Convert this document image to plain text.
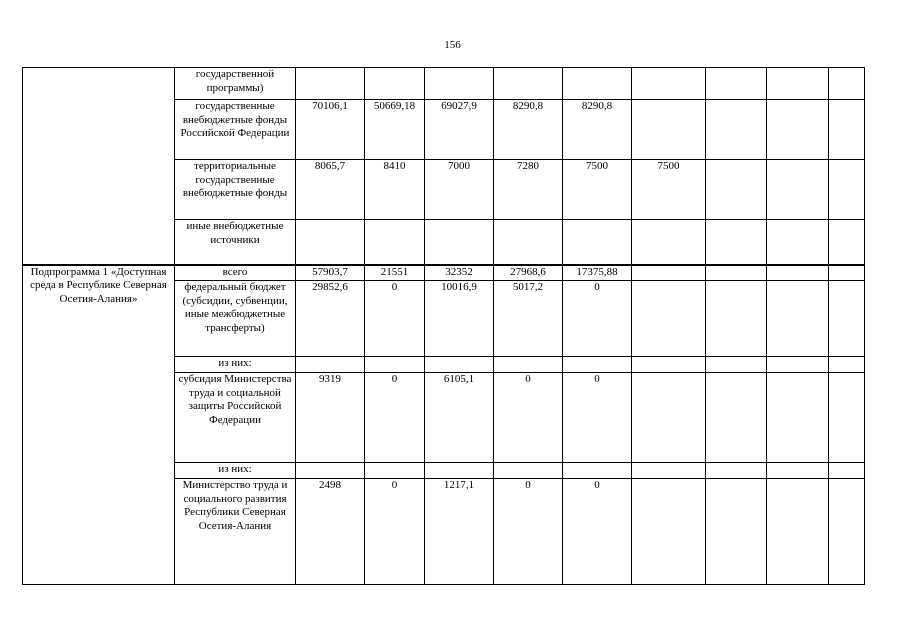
156
	государственной программы)									
	государственные внебюджетные фонды Российской Федерации	70106,1	50669,18	69027,9	8290,8	8290,8				
	территориальные государственные внебюджетные фонды	8065,7	8410	7000	7280	7500	7500			
	иные внебюджетные источники									
Подпрограмма 1 «Доступная среда в Республике Северная Осетия-Алания»	всего	57903,7	21551	32352	27968,6	17375,88				
	федеральный бюджет (субсидии, субвенции, иные межбюджетные трансферты)	29852,6	0	10016,9	5017,2	0				
	из них:									
	субсидия Министерства труда и социальной защиты Российской Федерации	9319	0	6105,1	0	0				
	из них:									
	Министерство труда и социального развития Республики Северная Осетия-Алания	2498	0	1217,1	0	0				
